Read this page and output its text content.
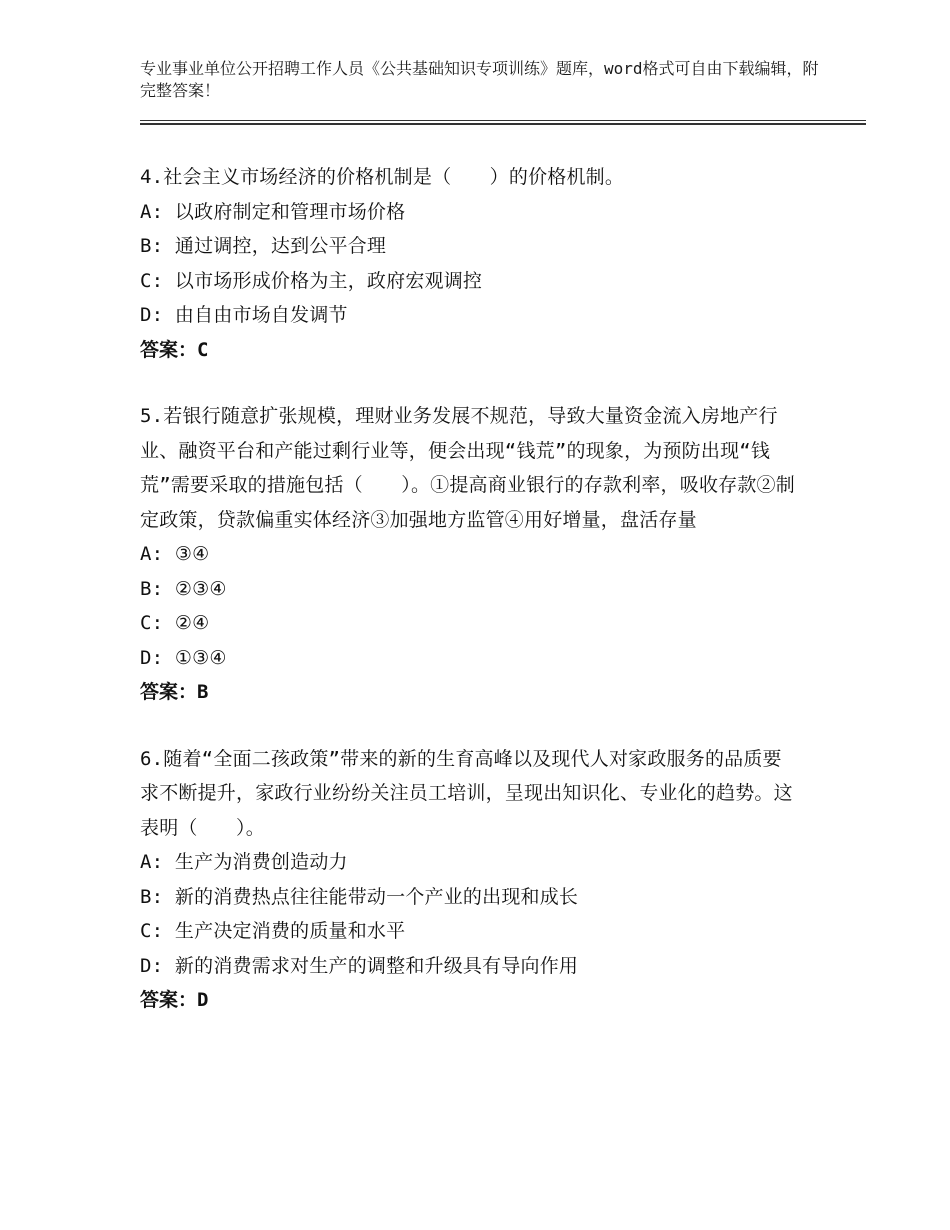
专业事业单位公开招聘工作人员《公共基础知识专项训练》题库，word格式可自由下载编辑，附完整答案！
4.社会主义市场经济的价格机制是（　　）的价格机制。
A: 以政府制定和管理市场价格
B: 通过调控，达到公平合理
C: 以市场形成价格为主，政府宏观调控
D: 由自由市场自发调节
答案：C
5.若银行随意扩张规模，理财业务发展不规范，导致大量资金流入房地产行业、融资平台和产能过剩行业等，便会出现“钱荒”的现象，为预防出现“钱荒”需要采取的措施包括（　　）。①提高商业银行的存款利率，吸收存款②制定政策，贷款偏重实体经济③加强地方监管④用好增量，盘活存量
A: ③④
B: ②③④
C: ②④
D: ①③④
答案：B
6.随着“全面二孩政策”带来的新的生育高峰以及现代人对家政服务的品质要求不断提升，家政行业纷纷关注员工培训，呈现出知识化、专业化的趋势。这表明（　　）。
A: 生产为消费创造动力
B: 新的消费热点往往能带动一个产业的出现和成长
C: 生产决定消费的质量和水平
D: 新的消费需求对生产的调整和升级具有导向作用
答案：D
